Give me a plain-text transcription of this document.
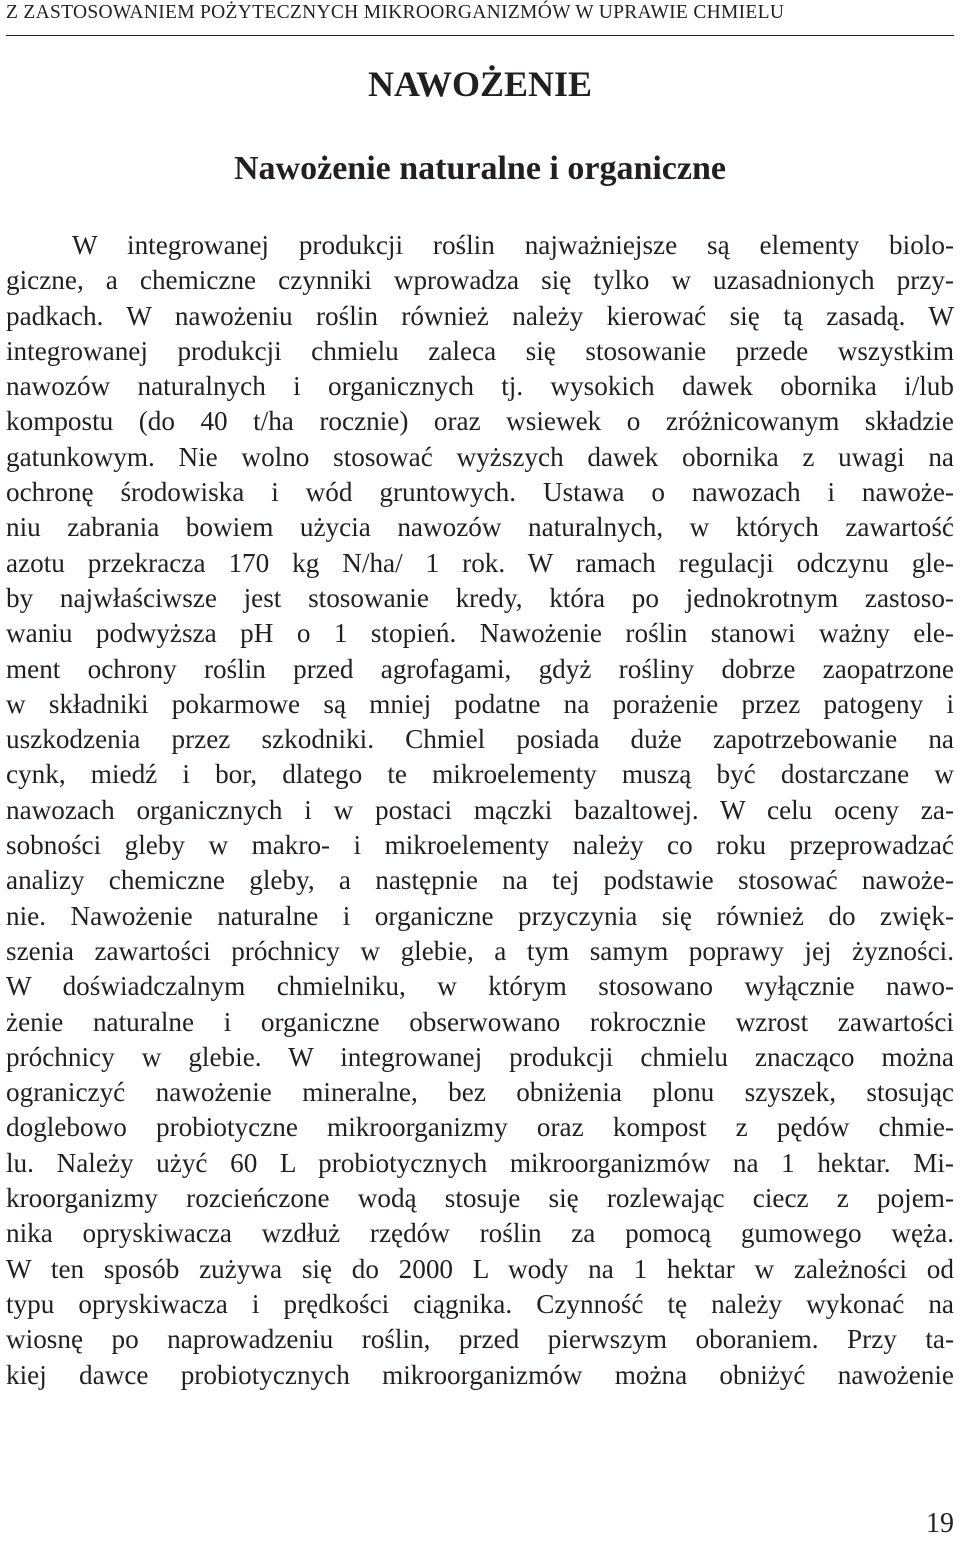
Z ZASTOSOWANIEM POŻYTECZNYCH MIKROORGANIZMÓW W UPRAWIE CHMIELU
NAWOŻENIE
Nawożenie naturalne i organiczne
W integrowanej produkcji roślin najważniejsze są elementy biolo-
giczne, a chemiczne czynniki wprowadza się tylko w uzasadnionych przy-
padkach. W nawożeniu roślin również należy kierować się tą zasadą. W
integrowanej produkcji chmielu zaleca się stosowanie przede wszystkim
nawozów naturalnych i organicznych tj. wysokich dawek obornika i/lub
kompostu (do 40 t/ha rocznie) oraz wsiewek o zróżnicowanym składzie
gatunkowym. Nie wolno stosować wyższych dawek obornika z uwagi na
ochronę środowiska i wód gruntowych. Ustawa o nawozach i nawoże-
niu zabrania bowiem użycia nawozów naturalnych, w których zawartość
azotu przekracza 170 kg N/ha/ 1 rok. W ramach regulacji odczynu gle-
by najwłaściwsze jest stosowanie kredy, która po jednokrotnym zastoso-
waniu podwyższa pH o 1 stopień. Nawożenie roślin stanowi ważny ele-
ment ochrony roślin przed agrofagami, gdyż rośliny dobrze zaopatrzone
w składniki pokarmowe są mniej podatne na porażenie przez patogeny i
uszkodzenia przez szkodniki. Chmiel posiada duże zapotrzebowanie na
cynk, miedź i bor, dlatego te mikroelementy muszą być dostarczane w
nawozach organicznych i w postaci mączki bazaltowej. W celu oceny za-
sobności gleby w makro- i mikroelementy należy co roku przeprowadzać
analizy chemiczne gleby, a następnie na tej podstawie stosować nawoże-
nie. Nawożenie naturalne i organiczne przyczynia się również do zwięk-
szenia zawartości próchnicy w glebie, a tym samym poprawy jej żyzności.
W doświadczalnym chmielniku, w którym stosowano wyłącznie nawo-
żenie naturalne i organiczne obserwowano rokrocznie wzrost zawartości
próchnicy w glebie. W integrowanej produkcji chmielu znacząco można
ograniczyć nawożenie mineralne, bez obniżenia plonu szyszek, stosując
doglebowo probiotyczne mikroorganizmy oraz kompost z pędów chmie-
lu. Należy użyć 60 L probiotycznych mikroorganizmów na 1 hektar. Mi-
kroorganizmy rozcieńczone wodą stosuje się rozlewając ciecz z pojem-
nika opryskiwacza wzdłuż rzędów roślin za pomocą gumowego węża.
W ten sposób zużywa się do 2000 L wody na 1 hektar w zależności od
typu opryskiwacza i prędkości ciągnika. Czynność tę należy wykonać na
wiosnę po naprowadzeniu roślin, przed pierwszym oboraniem. Przy ta-
kiej dawce probiotycznych mikroorganizmów można obniżyć nawożenie
19
